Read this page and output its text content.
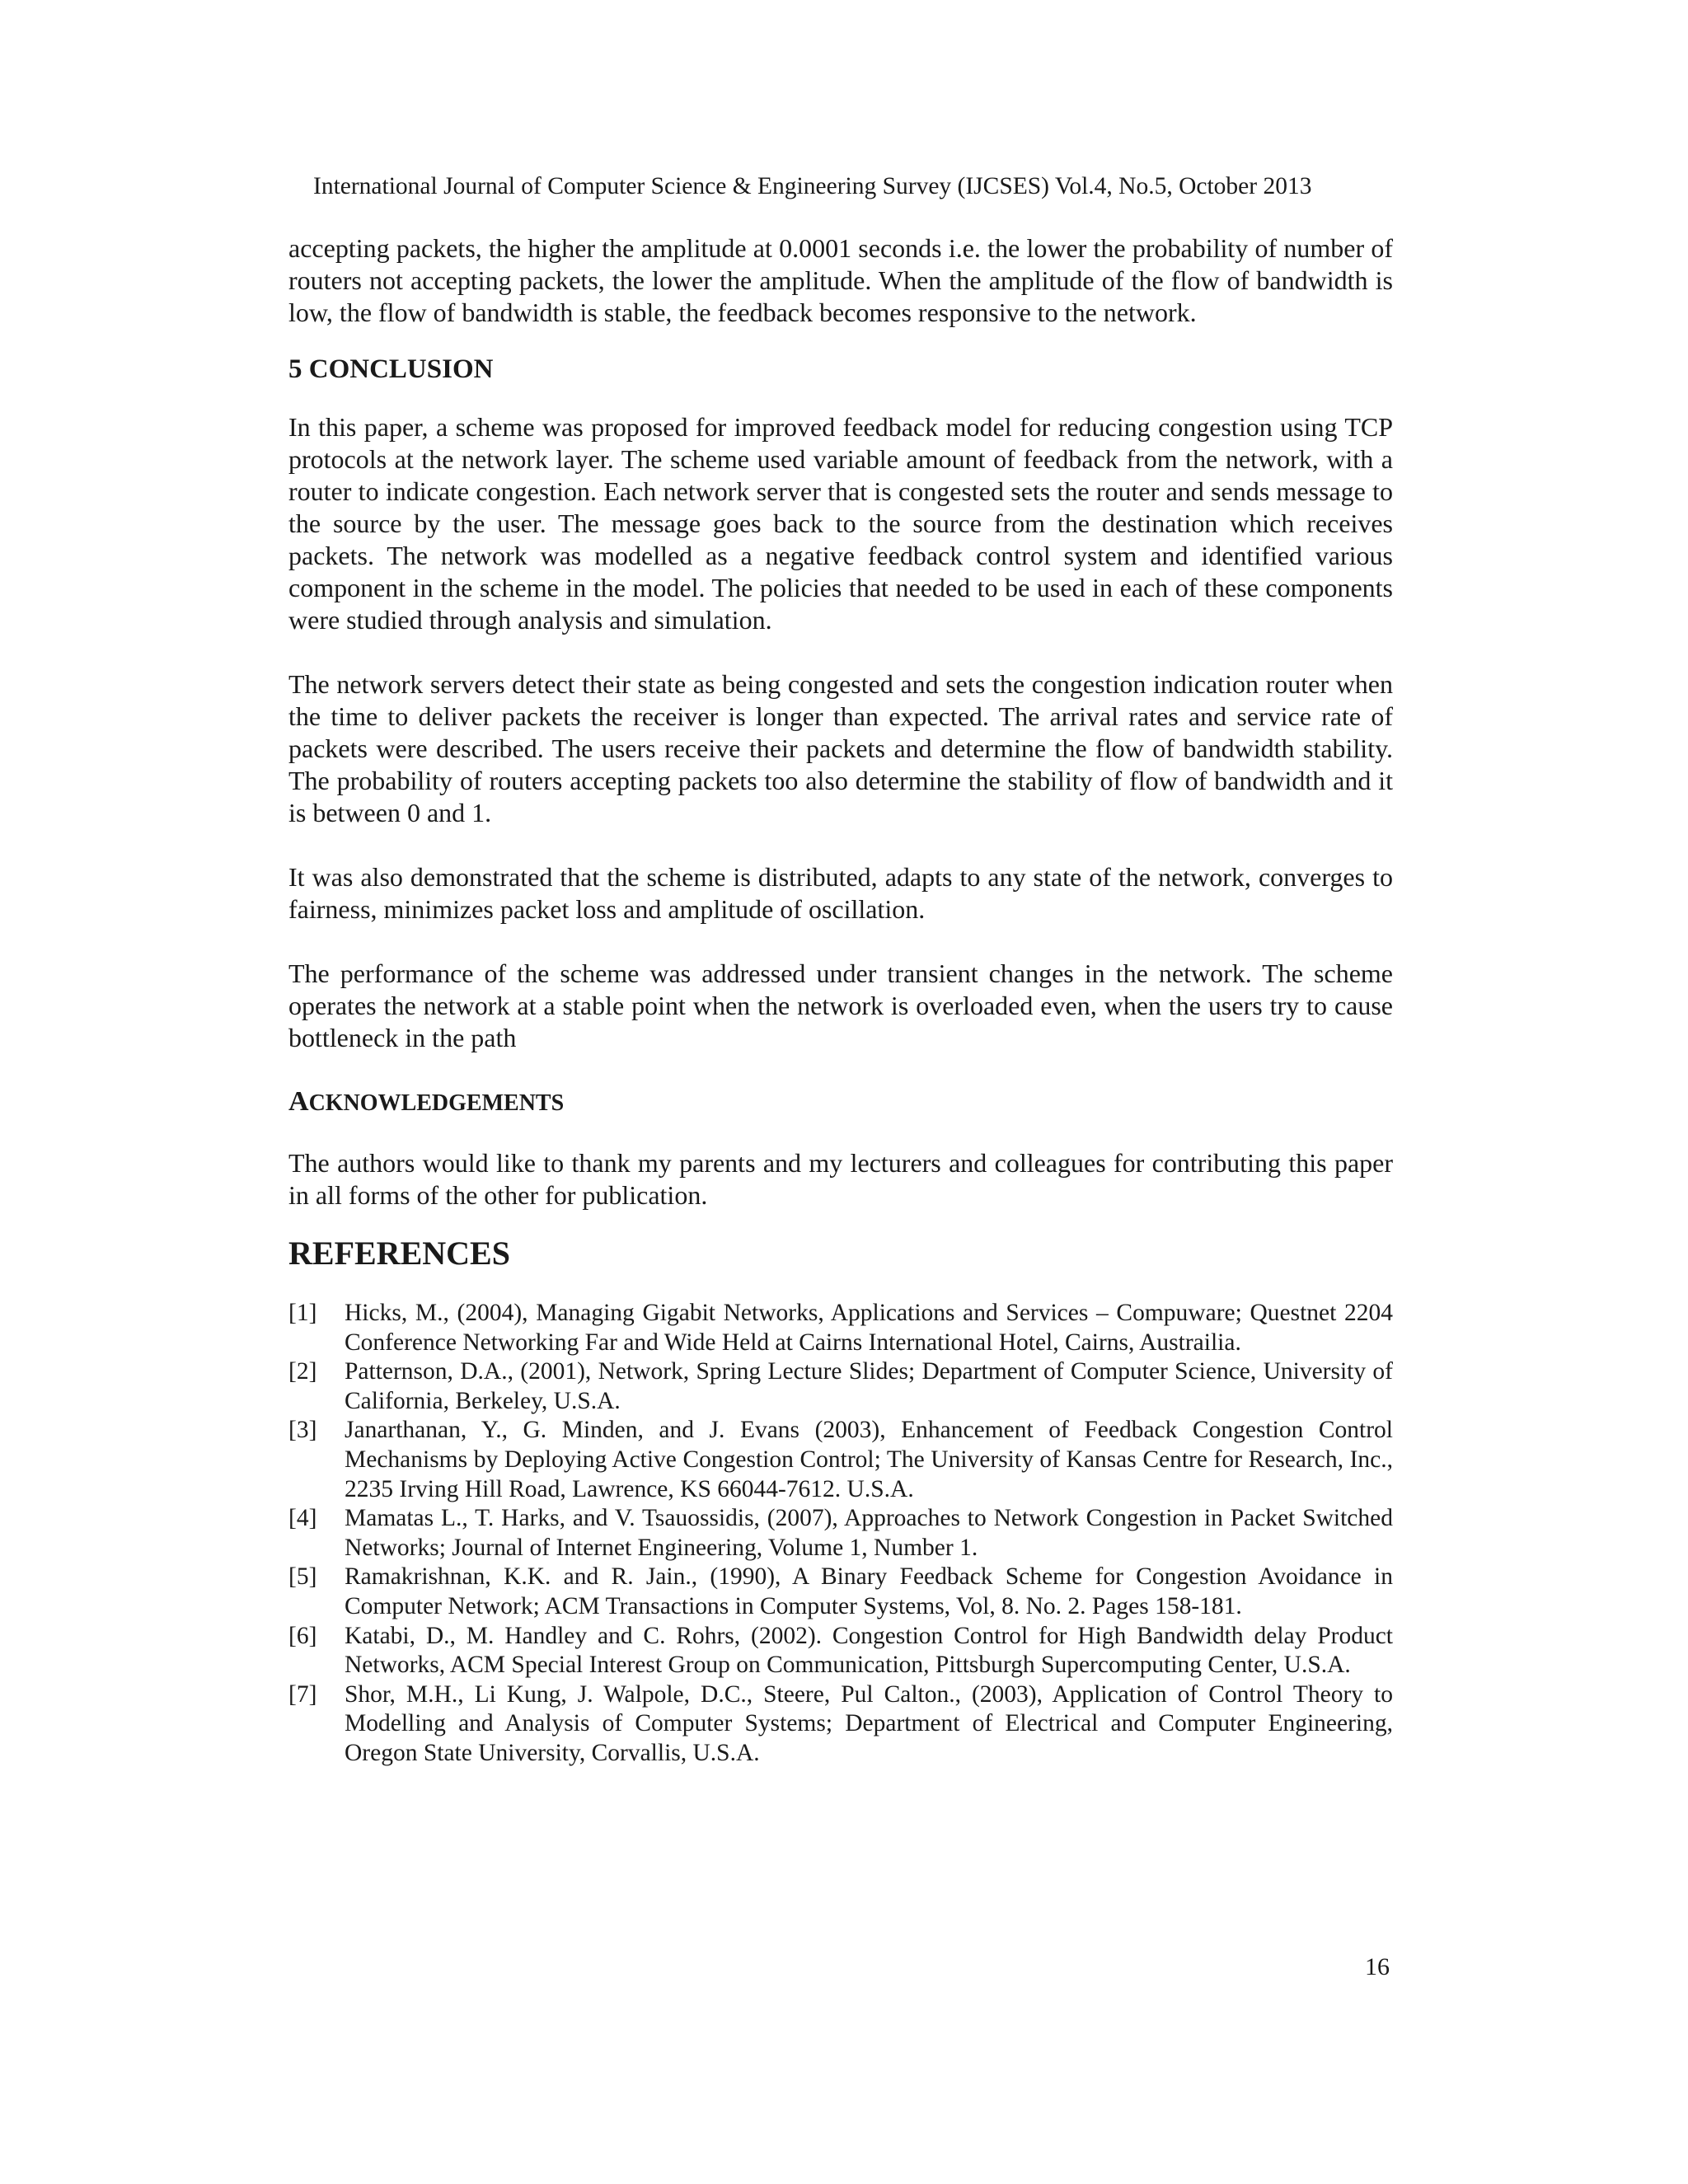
International Journal of Computer Science & Engineering Survey (IJCSES) Vol.4, No.5, October 2013

accepting packets, the higher the amplitude at 0.0001 seconds i.e. the lower the probability of number of routers not accepting packets, the lower the amplitude. When the amplitude of the flow of bandwidth is low, the flow of bandwidth is stable, the feedback becomes responsive to the network.

5 CONCLUSION

In this paper, a scheme was proposed for improved feedback model for reducing congestion using TCP protocols at the network layer. The scheme used variable amount of feedback from the network, with a router to indicate congestion. Each network server that is congested sets the router and sends message to the source by the user. The message goes back to the source from the destination which receives packets. The network was modelled as a negative feedback control system and identified various component in the scheme in the model. The policies that needed to be used in each of these components were studied through analysis and simulation.

The network servers detect their state as being congested and sets the congestion indication router when the time to deliver packets the receiver is longer than expected. The arrival rates and service rate of packets were described. The users receive their packets and determine the flow of bandwidth stability. The probability of routers accepting packets too also determine the stability of flow of bandwidth and it is between 0 and 1.

It was also demonstrated that the scheme is distributed, adapts to any state of the network, converges to fairness, minimizes packet loss and amplitude of oscillation.

The performance of the scheme was addressed under transient changes in the network. The scheme operates the network at a stable point when the network is overloaded even, when the users try to cause bottleneck in the path

ACKNOWLEDGEMENTS

The authors would like to thank my parents and my lecturers and colleagues for contributing this paper in all forms of the other for publication.

REFERENCES
[1]	Hicks, M., (2004), Managing Gigabit Networks, Applications and Services – Compuware; Questnet 2204 Conference Networking Far and Wide Held at Cairns International Hotel, Cairns, Austrailia.
[2]	Patternson, D.A., (2001), Network, Spring Lecture Slides; Department of Computer Science, University of California, Berkeley, U.S.A.
[3]	Janarthanan, Y., G. Minden, and J. Evans (2003), Enhancement of Feedback Congestion Control Mechanisms by Deploying Active Congestion Control; The University of Kansas Centre for Research, Inc., 2235 Irving Hill Road, Lawrence, KS 66044-7612. U.S.A.
[4]	Mamatas L., T. Harks, and V. Tsauossidis, (2007), Approaches to Network Congestion in Packet Switched Networks; Journal of Internet Engineering, Volume 1, Number 1.
[5]	Ramakrishnan, K.K. and R. Jain., (1990), A Binary Feedback Scheme for Congestion Avoidance in Computer Network; ACM Transactions in Computer Systems, Vol, 8. No. 2. Pages 158-181.
[6]	Katabi, D., M. Handley and C. Rohrs, (2002). Congestion Control for High Bandwidth delay Product Networks, ACM Special Interest Group on Communication, Pittsburgh Supercomputing Center, U.S.A.
[7]	Shor, M.H., Li Kung, J. Walpole, D.C., Steere, Pul Calton., (2003), Application of Control Theory to Modelling and Analysis of Computer Systems; Department of Electrical and Computer Engineering, Oregon State University, Corvallis, U.S.A.
16
